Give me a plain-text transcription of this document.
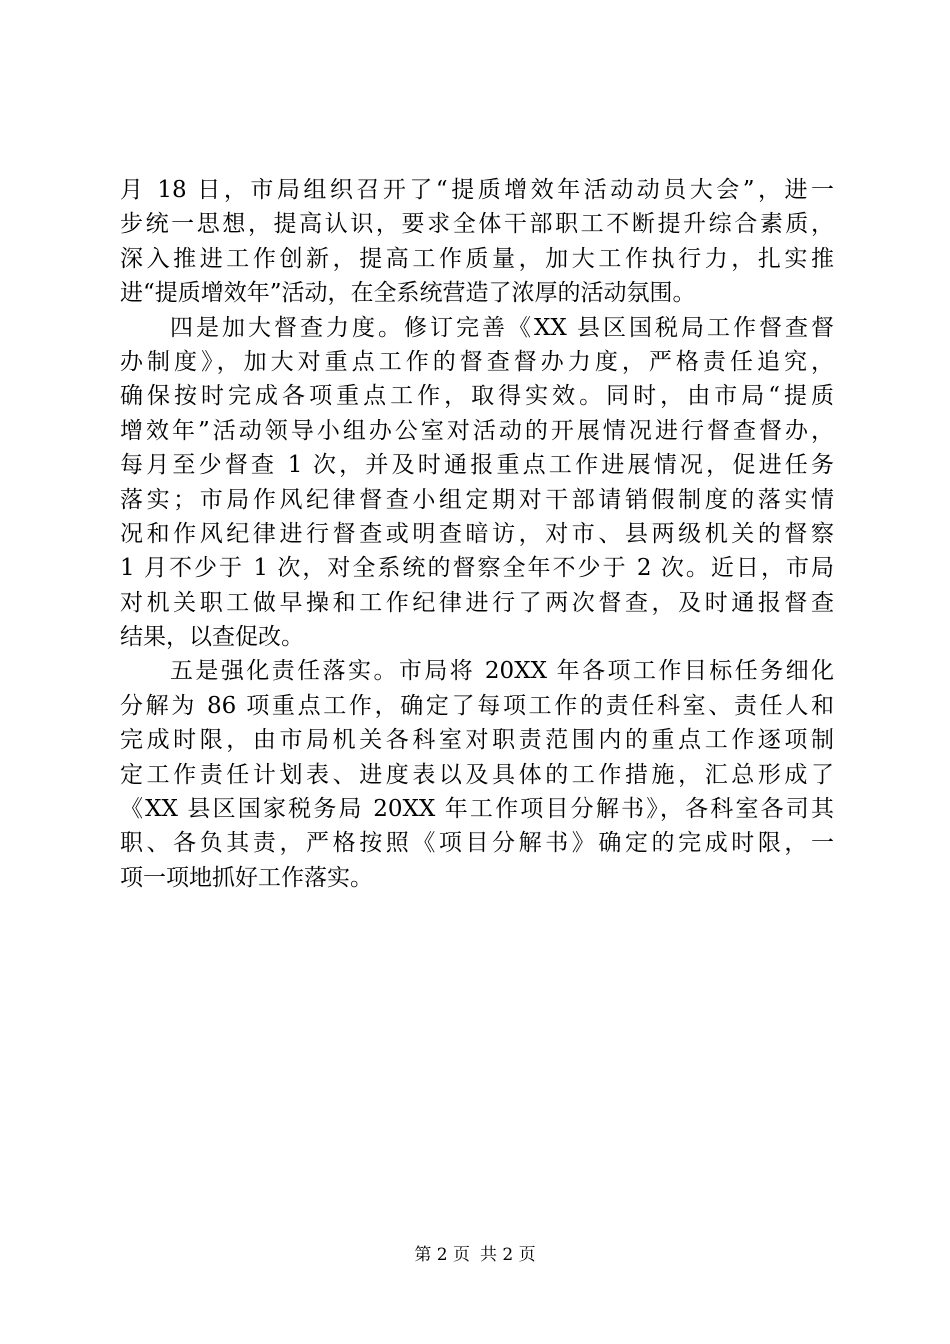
月 18 日，市局组织召开了“提质增效年活动动员大会”，进一
步统一思想，提高认识，要求全体干部职工不断提升综合素质，
深入推进工作创新，提高工作质量，加大工作执行力，扎实推
进“提质增效年”活动，在全系统营造了浓厚的活动氛围。
四是加大督查力度。修订完善《XX 县区国税局工作督查督
办制度》，加大对重点工作的督查督办力度，严格责任追究，
确保按时完成各项重点工作，取得实效。同时，由市局“提质
增效年”活动领导小组办公室对活动的开展情况进行督查督办，
每月至少督查 1 次，并及时通报重点工作进展情况，促进任务
落实；市局作风纪律督查小组定期对干部请销假制度的落实情
况和作风纪律进行督查或明查暗访，对市、县两级机关的督察
1 月不少于 1 次，对全系统的督察全年不少于 2 次。近日，市局
对机关职工做早操和工作纪律进行了两次督查，及时通报督查
结果，以查促改。
五是强化责任落实。市局将 20XX 年各项工作目标任务细化
分解为 86 项重点工作，确定了每项工作的责任科室、责任人和
完成时限，由市局机关各科室对职责范围内的重点工作逐项制
定工作责任计划表、进度表以及具体的工作措施，汇总形成了
《XX 县区国家税务局 20XX 年工作项目分解书》，各科室各司其
职、各负其责，严格按照《项目分解书》确定的完成时限，一
项一项地抓好工作落实。
第 2 页 共 2 页
